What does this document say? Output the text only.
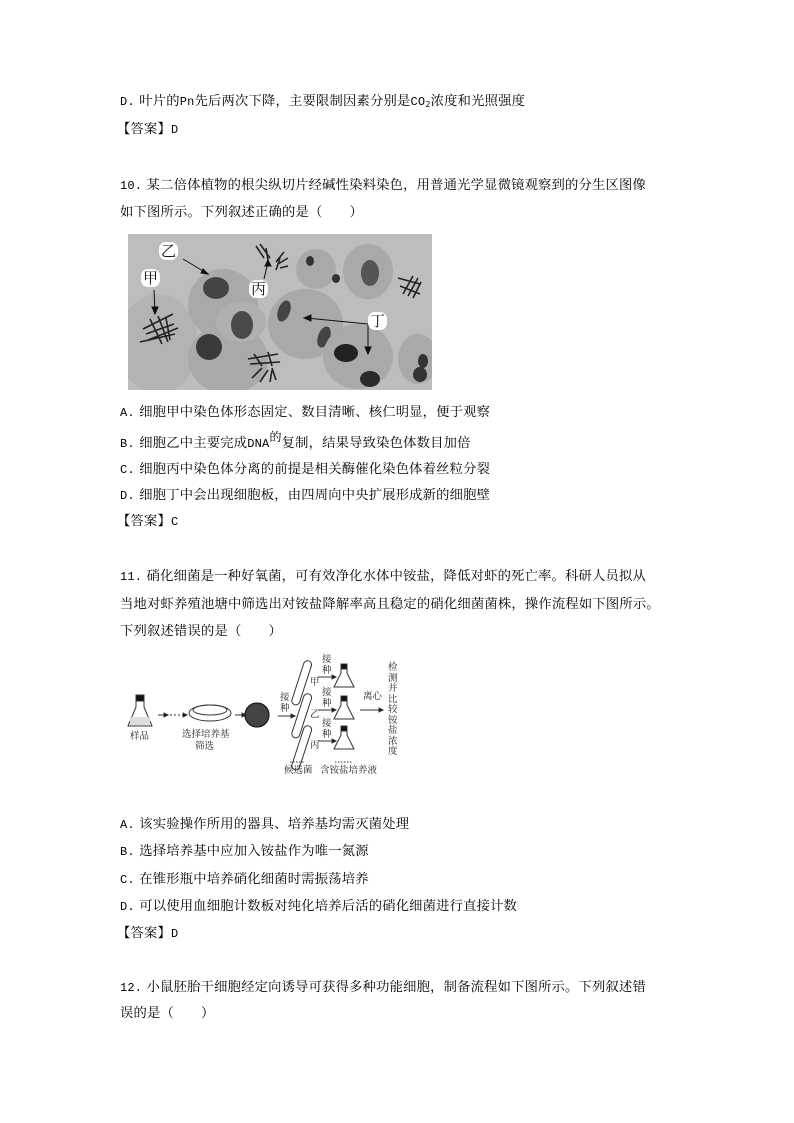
D. 叶片的Pn先后两次下降，主要限制因素分别是$CO_2$浓度和光照强度
【答案】D
10. 某二倍体植物的根尖纵切片经碱性染料染色，用普通光学显微镜观察到的分生区图像
如下图所示。下列叙述正确的是（　　）
乙
甲
丙
丁
A. 细胞甲中染色体形态固定、数目清晰、核仁明显，便于观察
B. 细胞乙中主要完成DNA的复制，结果导致染色体数目加倍
C. 细胞丙中染色体分离的前提是相关酶催化染色体着丝粒分裂
D. 细胞丁中会出现细胞板，由四周向中央扩展形成新的细胞壁
【答案】C
11. 硝化细菌是一种好氧菌，可有效净化水体中铵盐，降低对虾的死亡率。科研人员拟从
当地对虾养殖池塘中筛选出对铵盐降解率高且稳定的硝化细菌菌株，操作流程如下图所示。
下列叙述错误的是（　　）
样品	选择培养基
筛选
接种
接种
接种
接种
甲
乙
丙
候选菌 含铵盐培养液
离心
检测并比较铵盐浓度
A. 该实验操作所用的器具、培养基均需灭菌处理
B. 选择培养基中应加入铵盐作为唯一氮源
C. 在锥形瓶中培养硝化细菌时需振荡培养
D. 可以使用血细胞计数板对纯化培养后活的硝化细菌进行直接计数
【答案】D
12. 小鼠胚胎干细胞经定向诱导可获得多种功能细胞，制备流程如下图所示。下列叙述错
误的是（　　）
